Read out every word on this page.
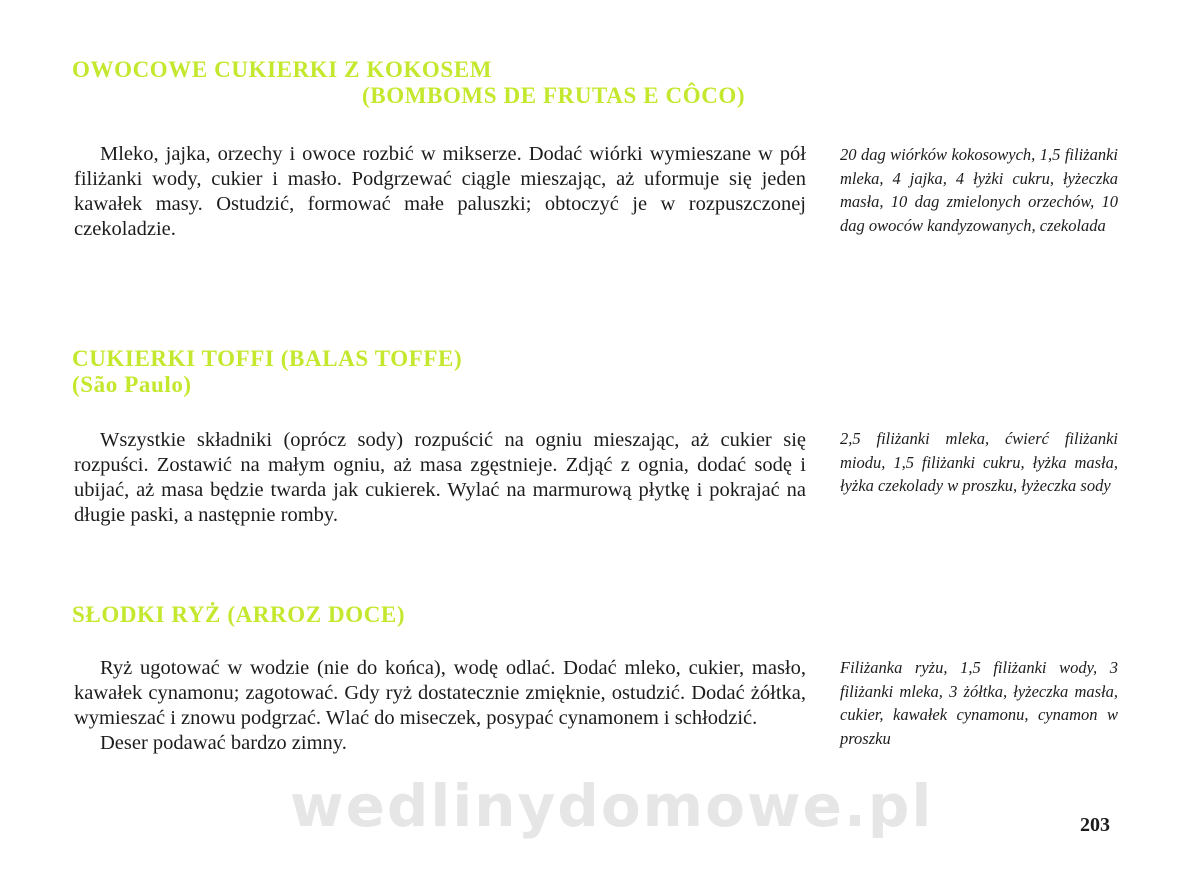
OWOCOWE CUKIERKI Z KOKOSEM
(BOMBOMS DE FRUTAS E CÔCO)

Mleko, jajka, orzechy i owoce rozbić w mikserze. Dodać wiórki wymieszane w pół filiżanki wody, cukier i masło. Podgrzewać ciągle mieszając, aż uformuje się jeden kawałek masy. Ostudzić, formować małe paluszki; obtoczyć je w rozpuszczonej czekoladzie.

20 dag wiórków kokosowych, 1,5 filiżanki mleka, 4 jajka, 4 łyżki cukru, łyżeczka masła, 10 dag zmielonych orzechów, 10 dag owoców kandyzowanych, czekolada
CUKIERKI TOFFI (BALAS TOFFE)
(São Paulo)

Wszystkie składniki (oprócz sody) rozpuścić na ogniu mieszając, aż cukier się rozpuści. Zostawić na małym ogniu, aż masa zgęstnieje. Zdjąć z ognia, dodać sodę i ubijać, aż masa będzie twarda jak cukierek. Wylać na marmurową płytkę i pokrajać na długie paski, a następnie romby.

2,5 filiżanki mleka, ćwierć filiżanki miodu, 1,5 filiżanki cukru, łyżka masła, łyżka czekolady w proszku, łyżeczka sody
SŁODKI RYŻ (ARROZ DOCE)

Ryż ugotować w wodzie (nie do końca), wodę odlać. Dodać mleko, cukier, masło, kawałek cynamonu; zagotować. Gdy ryż dostatecznie zmięknie, ostudzić. Dodać żółtka, wymieszać i znowu podgrzać. Wlać do miseczek, posypać cynamonem i schłodzić.

Deser podawać bardzo zimny.

Filiżanka ryżu, 1,5 filiżanki wody, 3 filiżanki mleka, 3 żółtka, łyżeczka masła, cukier, kawałek cynamonu, cynamon w proszku
wedlinydomowe.pl	203
